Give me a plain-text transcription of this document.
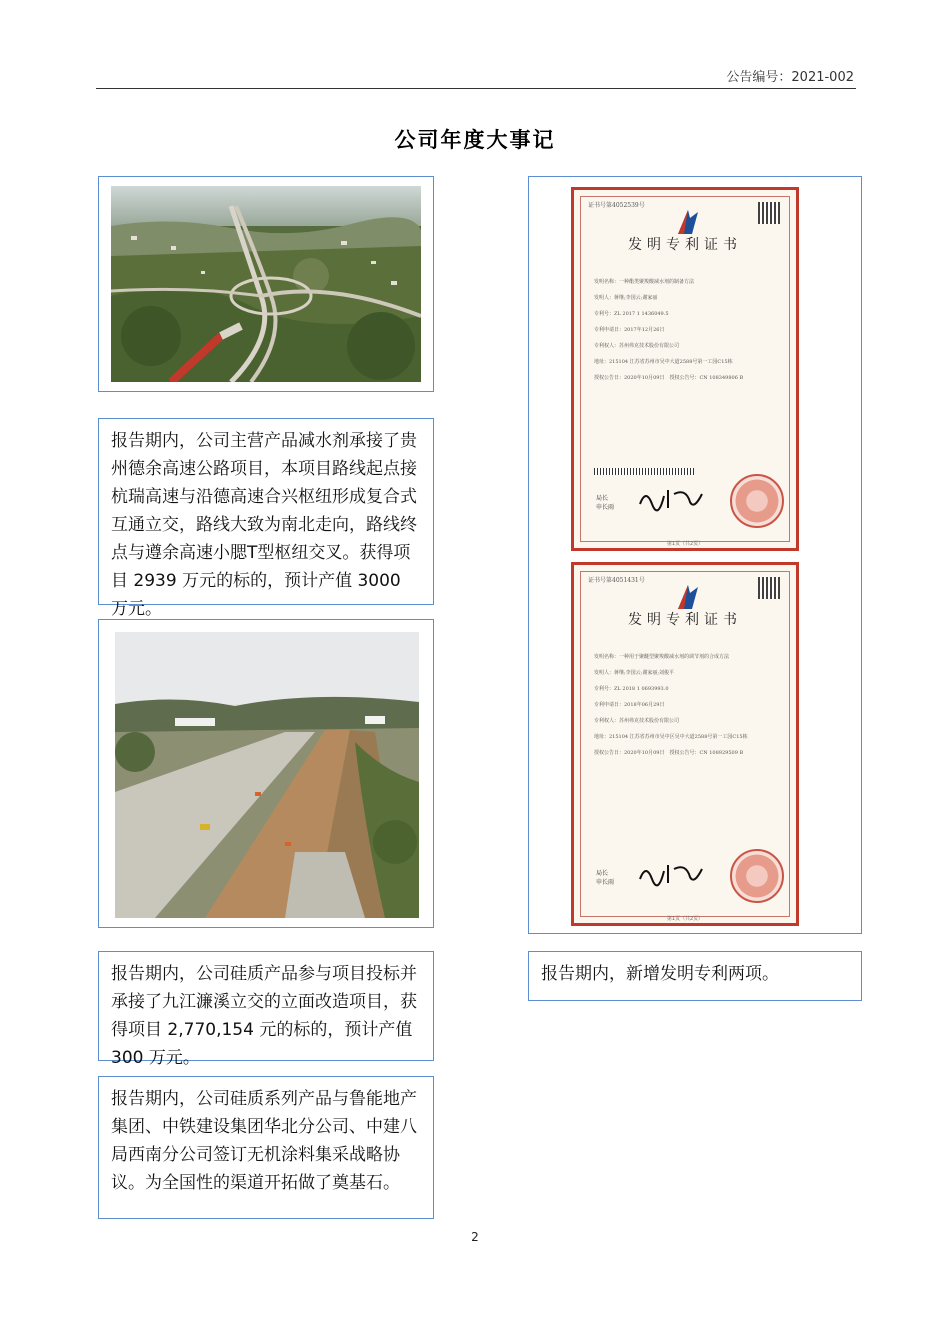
公告编号：2021-002
公司年度大事记
报告期内，公司主营产品减水剂承接了贵州德余高速公路项目，本项目路线起点接杭瑞高速与沿德高速合兴枢纽形成复合式互通立交，路线大致为南北走向，路线终点与遵余高速小腮T型枢纽交叉。获得项目 2939 万元的标的，预计产值 3000 万元。
报告期内，公司硅质产品参与项目投标并承接了九江濂溪立交的立面改造项目，获得项目 2,770,154 元的标的，预计产值 300 万元。
报告期内，公司硅质系列产品与鲁能地产集团、中铁建设集团华北分公司、中建八局西南分公司签订无机涂料集采战略协议。为全国性的渠道开拓做了奠基石。
证书号第4052539号
发明专利证书
发明名称：一种酯类聚羧酸减水剂的制备方法
发明人：蒋继;李国云;谢家丽
专利号：ZL 2017 1 1436049.5
专利申请日：2017年12月26日
专利权人：苏州弗克技术股份有限公司
地址：215104 江苏省苏州市吴中大道2588号第一工园C15栋
授权公告日：2020年10月09日　授权公告号：CN 108349806 B
局长
申长雨
第1页（共2页）
证书号第4051431号
发明专利证书
发明名称：一种用于聚醚型聚羧酸减水剂的调节剂的合成方法
发明人：蒋继;李国云;谢家丽;刘俊平
专利号：ZL 2018 1 0693993.0
专利申请日：2018年06月29日
专利权人：苏州弗克技术股份有限公司
地址：215104 江苏省苏州市吴中区吴中大道2588号第一工园C15栋
授权公告日：2020年10月09日　授权公告号：CN 108929509 B
局长
申长雨
第1页（共2页）
报告期内，新增发明专利两项。
2
